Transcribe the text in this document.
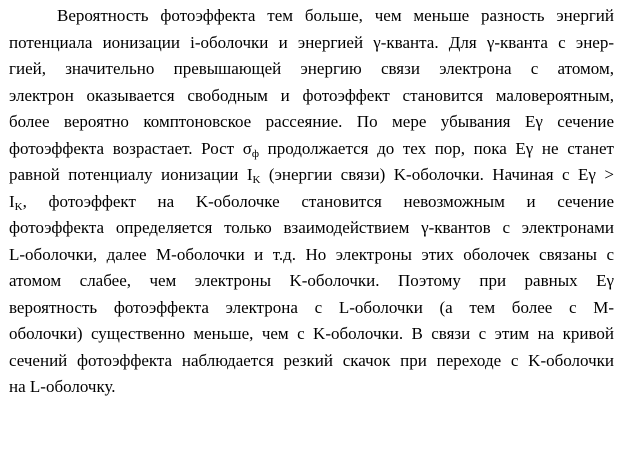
Вероятность фотоэффекта тем больше, чем меньше разность энергий
потенциала ионизации i-оболочки и энергией γ-кванта. Для γ-кванта с энер-
гией, значительно превышающей энергию связи электрона с атомом,
электрон оказывается свободным и фотоэффект становится маловероятным,
более вероятно комптоновское рассеяние. По мере убывания Eγ сечение
фотоэффекта возрастает. Рост $\sigma_ф$ продолжается до тех пор, пока Eγ не станет
равной потенциалу ионизации $I_K$ (энергии связи) K-оболочки. Начиная с Eγ >
$I_K$, фотоэффект на K-оболочке становится невозможным и сечение
фотоэффекта определяется только взаимодействием γ-квантов с электронами
L-оболочки, далее M-оболочки и т.д. Но электроны этих оболочек связаны с
атомом слабее, чем электроны K-оболочки. Поэтому при равных Eγ
вероятность фотоэффекта электрона с L-оболочки (а тем более с M-
оболочки) существенно меньше, чем с K-оболочки. В связи с этим на кривой
сечений фотоэффекта наблюдается резкий скачок при переходе с K-оболочки
на L-оболочку.
